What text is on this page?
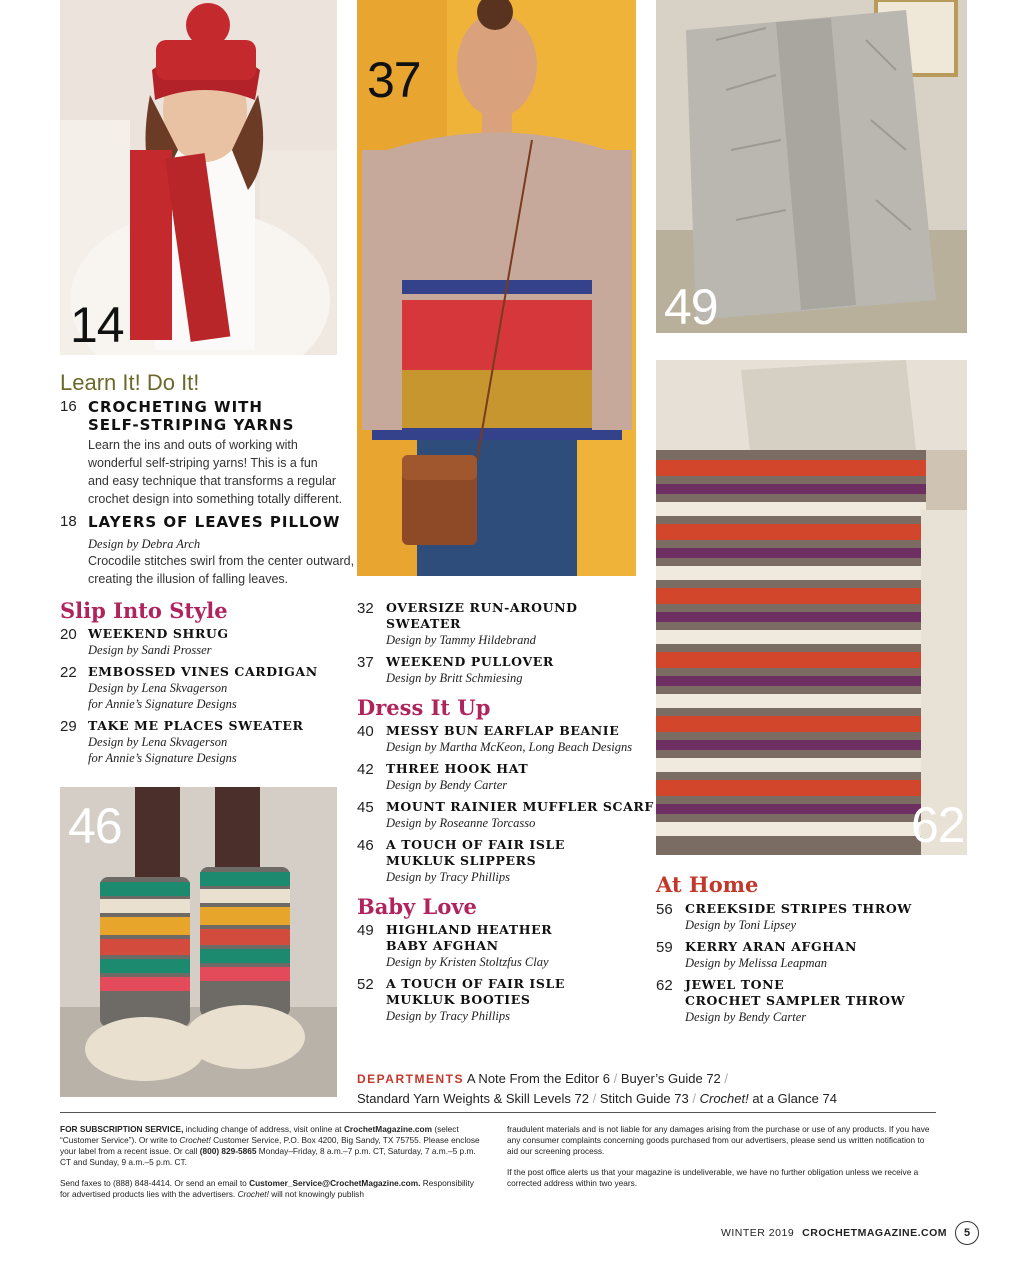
14
37
49
62
46
Learn It! Do It!
16 CROCHETING WITH
SELF-STRIPING YARNS
Learn the ins and outs of working with
wonderful self-striping yarns! This is a fun
and easy technique that transforms a regular
crochet design into something totally different.
18 LAYERS OF LEAVES PILLOW
Design by Debra Arch
Crocodile stitches swirl from the center outward,
creating the illusion of falling leaves.
Slip Into Style
20 WEEKEND SHRUG
Design by Sandi Prosser
22 EMBOSSED VINES CARDIGAN
Design by Lena Skvagerson
for Annie’s Signature Designs
29 TAKE ME PLACES SWEATER
Design by Lena Skvagerson
for Annie’s Signature Designs
32 OVERSIZE RUN-AROUND
SWEATER
Design by Tammy Hildebrand
37 WEEKEND PULLOVER
Design by Britt Schmiesing
Dress It Up
40 MESSY BUN EARFLAP BEANIE
Design by Martha McKeon, Long Beach Designs
42 THREE HOOK HAT
Design by Bendy Carter
45 MOUNT RAINIER MUFFLER SCARF
Design by Roseanne Torcasso
46 A TOUCH OF FAIR ISLE
MUKLUK SLIPPERS
Design by Tracy Phillips
Baby Love
49 HIGHLAND HEATHER
BABY AFGHAN
Design by Kristen Stoltzfus Clay
52 A TOUCH OF FAIR ISLE
MUKLUK BOOTIES
Design by Tracy Phillips
At Home
56 CREEKSIDE STRIPES THROW
Design by Toni Lipsey
59 KERRY ARAN AFGHAN
Design by Melissa Leapman
62 JEWEL TONE
CROCHET SAMPLER THROW
Design by Bendy Carter
DEPARTMENTS A Note From the Editor 6 / Buyer’s Guide 72 /
Standard Yarn Weights & Skill Levels 72 / Stitch Guide 73 / Crochet! at a Glance 74

FOR SUBSCRIPTION SERVICE, including change of address, visit online at CrochetMagazine.com (select “Customer Service”). Or write to Crochet! Customer Service, P.O. Box 4200, Big Sandy, TX 75755. Please enclose your label from a recent issue. Or call (800) 829-5865 Monday–Friday, 8 a.m.–7 p.m. CT, Saturday, 7 a.m.–5 p.m. CT and Sunday, 9 a.m.–5 p.m. CT.

Send faxes to (888) 848-4414. Or send an email to Customer_Service@CrochetMagazine.com. Responsibility for advertised products lies with the advertisers. Crochet! will not knowingly publish

fraudulent materials and is not liable for any damages arising from the purchase or use of any products. If you have any consumer complaints concerning goods purchased from our advertisers, please send us written notification to aid our screening process.

If the post office alerts us that your magazine is undeliverable, we have no further obligation unless we receive a corrected address within two years.

WINTER 2019 CROCHETMAGAZINE.COM	5
